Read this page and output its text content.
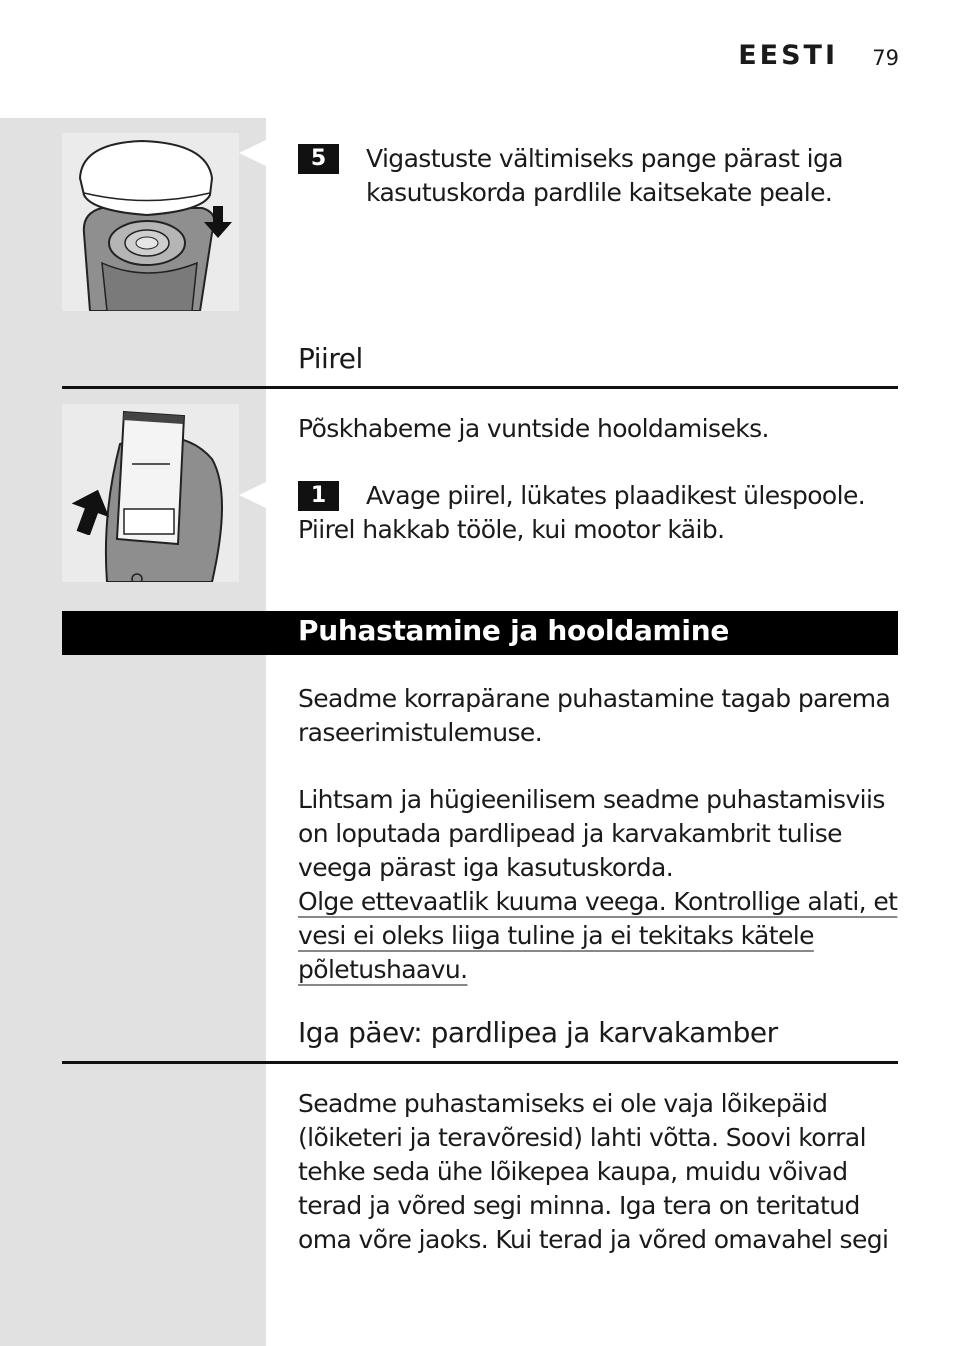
EESTI 79
5	Vigastuste vältimiseks pange pärast iga

kasutuskorda pardlile kaitsekate peale.

Piirel
Põskhabeme ja vuntside hooldamiseks.
1	Avage piirel, lükates plaadikest ülespoole.
Piirel hakkab tööle, kui mootor käib.
Puhastamine ja hooldamine

Seadme korrapärane puhastamine tagab parema

raseerimistulemuse.

Lihtsam ja hügieenilisem seadme puhastamisviis

on loputada pardlipead ja karvakambrit tulise

veega pärast iga kasutuskorda.

Olge ettevaatlik kuuma veega. Kontrollige alati, et

vesi ei oleks liiga tuline ja ei tekitaks kätele

põletushaavu.

Iga päev: pardlipea ja karvakamber

Seadme puhastamiseks ei ole vaja lõikepäid

(lõiketeri ja teravõresid) lahti võtta. Soovi korral

tehke seda ühe lõikepea kaupa, muidu võivad

terad ja võred segi minna. Iga tera on teritatud

oma võre jaoks. Kui terad ja võred omavahel segi
